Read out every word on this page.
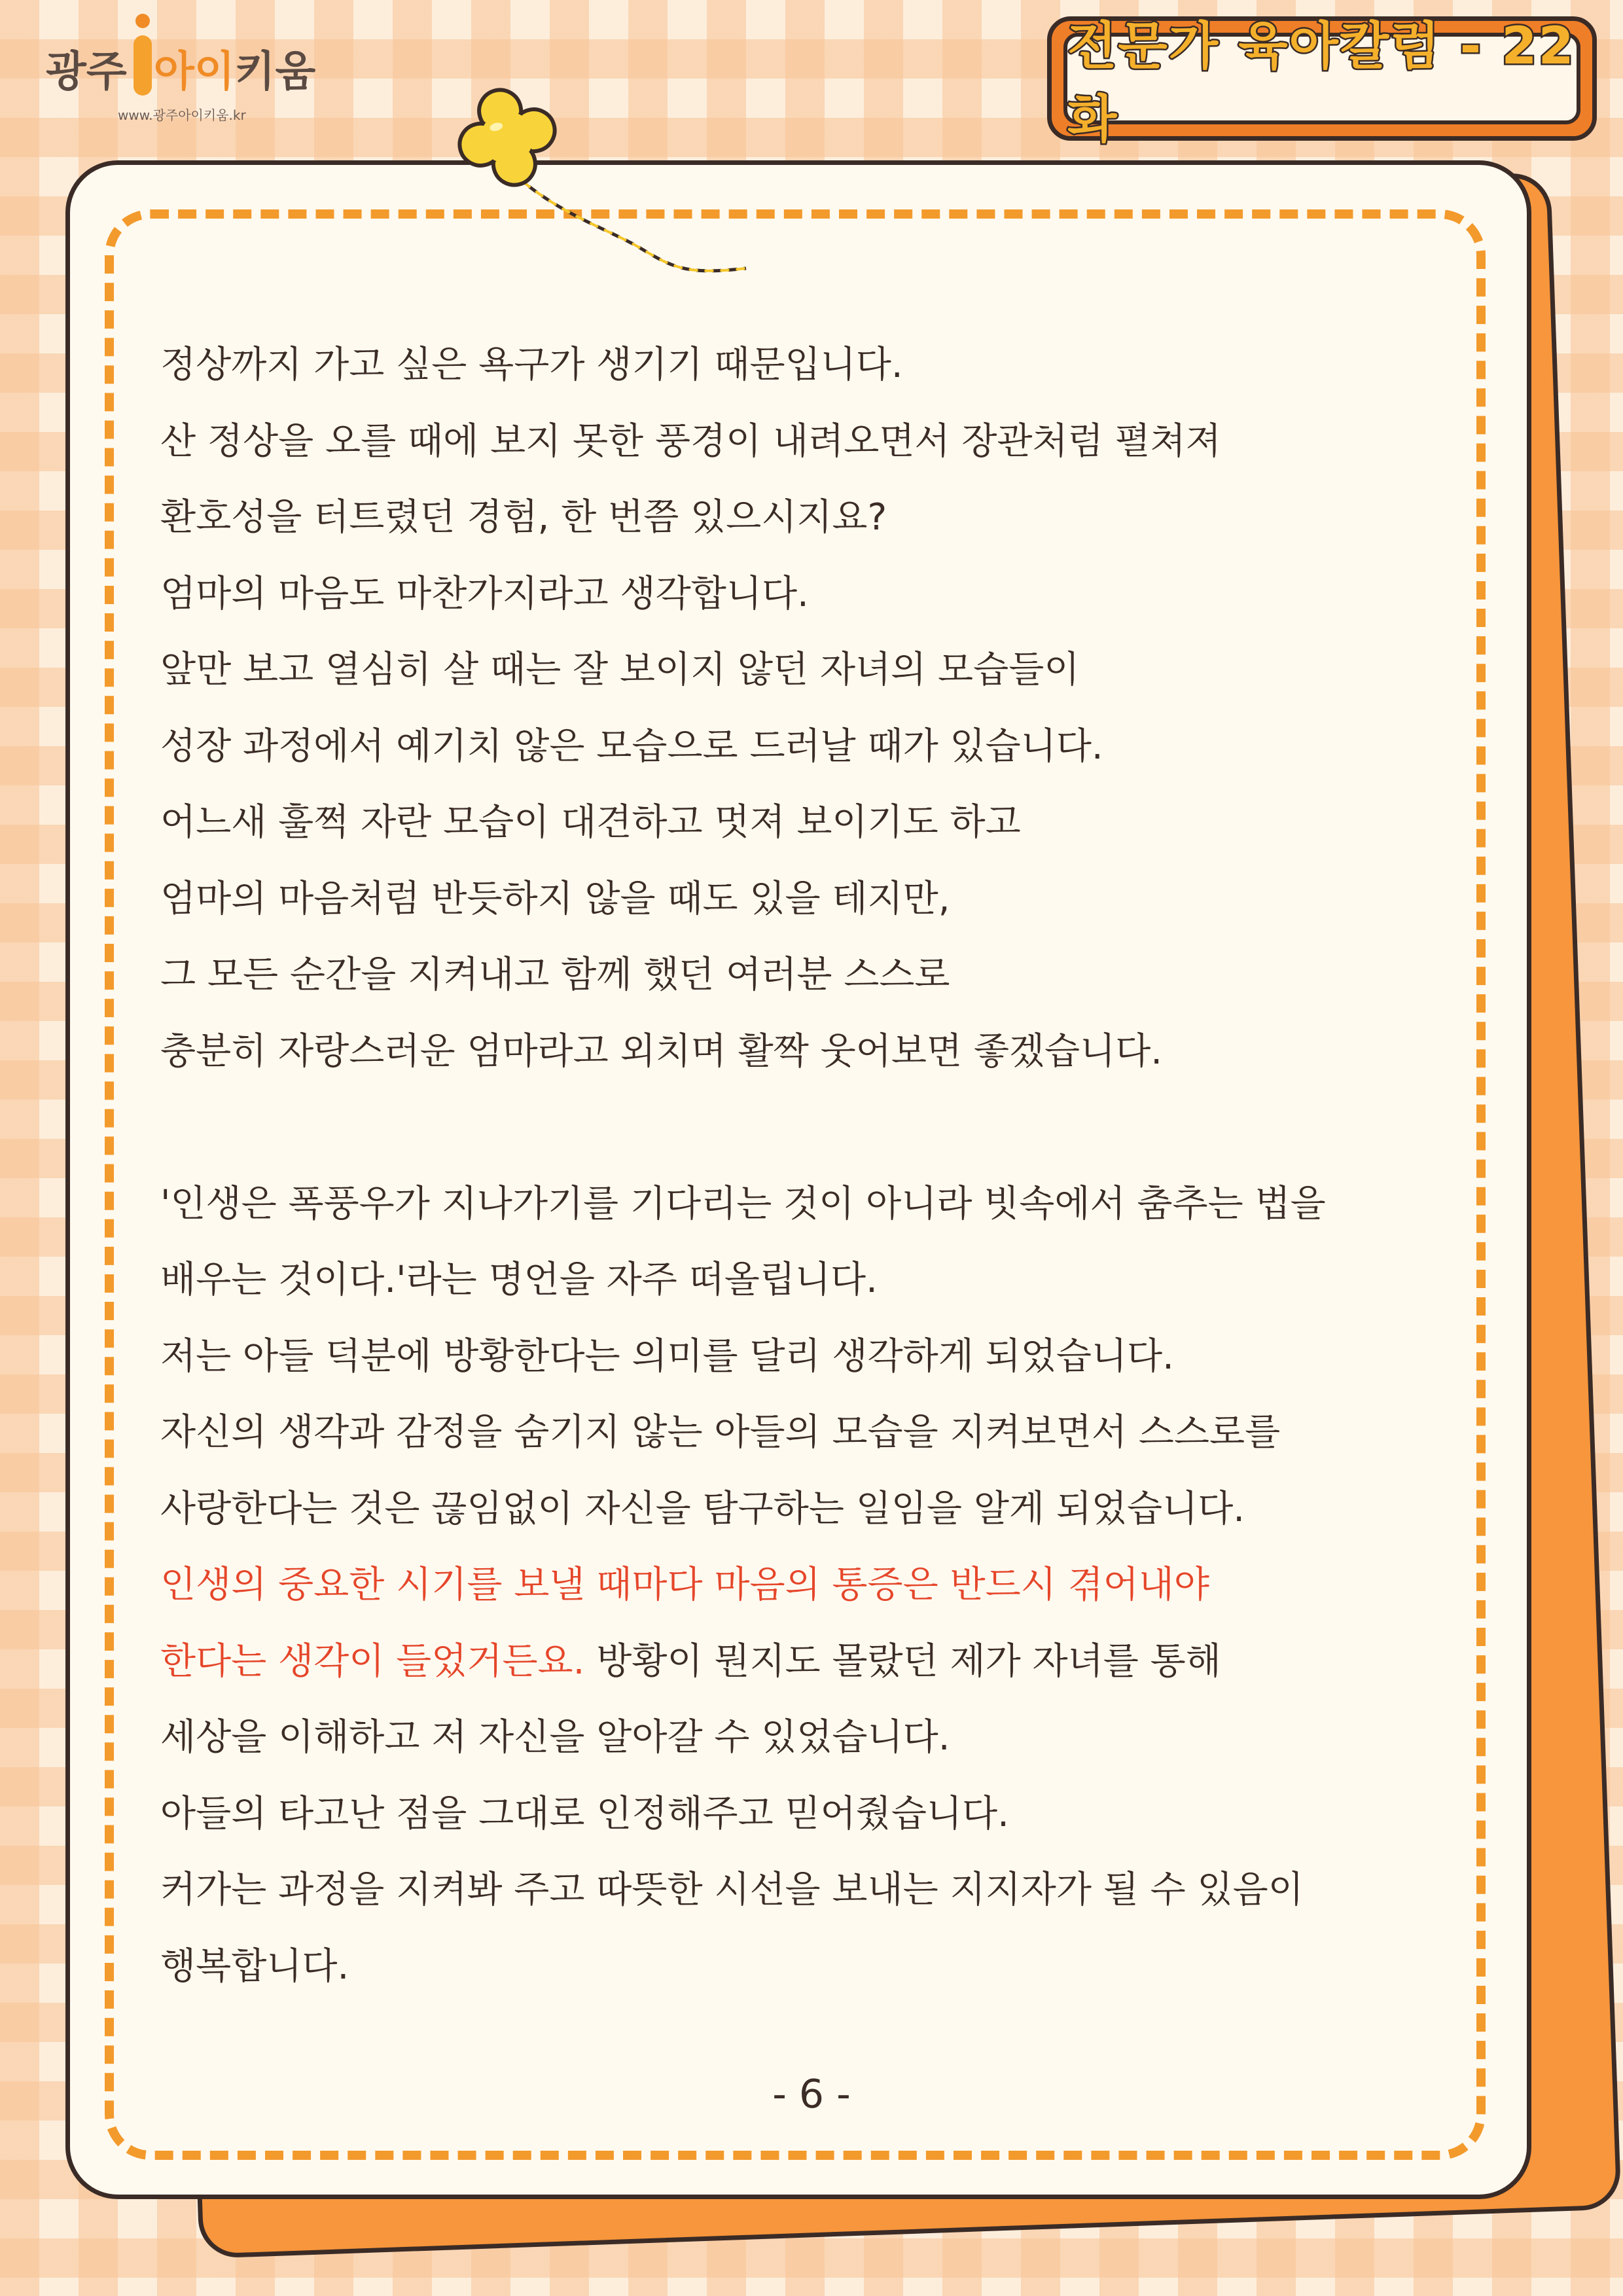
광주 아이키움
www.광주아이키움.kr
전문가 육아칼럼 - 22화
정상까지 가고 싶은 욕구가 생기기 때문입니다.
산 정상을 오를 때에 보지 못한 풍경이 내려오면서 장관처럼 펼쳐져
환호성을 터트렸던 경험, 한 번쯤 있으시지요?
엄마의 마음도 마찬가지라고 생각합니다.
앞만 보고 열심히 살 때는 잘 보이지 않던 자녀의 모습들이
성장 과정에서 예기치 않은 모습으로 드러날 때가 있습니다.
어느새 훌쩍 자란 모습이 대견하고 멋져 보이기도 하고
엄마의 마음처럼 반듯하지 않을 때도 있을 테지만,
그 모든 순간을 지켜내고 함께 했던 여러분 스스로
충분히 자랑스러운 엄마라고 외치며 활짝 웃어보면 좋겠습니다.
'인생은 폭풍우가 지나가기를 기다리는 것이 아니라 빗속에서 춤추는 법을
배우는 것이다.'라는 명언을 자주 떠올립니다.
저는 아들 덕분에 방황한다는 의미를 달리 생각하게 되었습니다.
자신의 생각과 감정을 숨기지 않는 아들의 모습을 지켜보면서 스스로를
사랑한다는 것은 끊임없이 자신을 탐구하는 일임을 알게 되었습니다.
인생의 중요한 시기를 보낼 때마다 마음의 통증은 반드시 겪어내야
한다는 생각이 들었거든요. 방황이 뭔지도 몰랐던 제가 자녀를 통해
세상을 이해하고 저 자신을 알아갈 수 있었습니다.
아들의 타고난 점을 그대로 인정해주고 믿어줬습니다.
커가는 과정을 지켜봐 주고 따뜻한 시선을 보내는 지지자가 될 수 있음이
행복합니다.
- 6 -
